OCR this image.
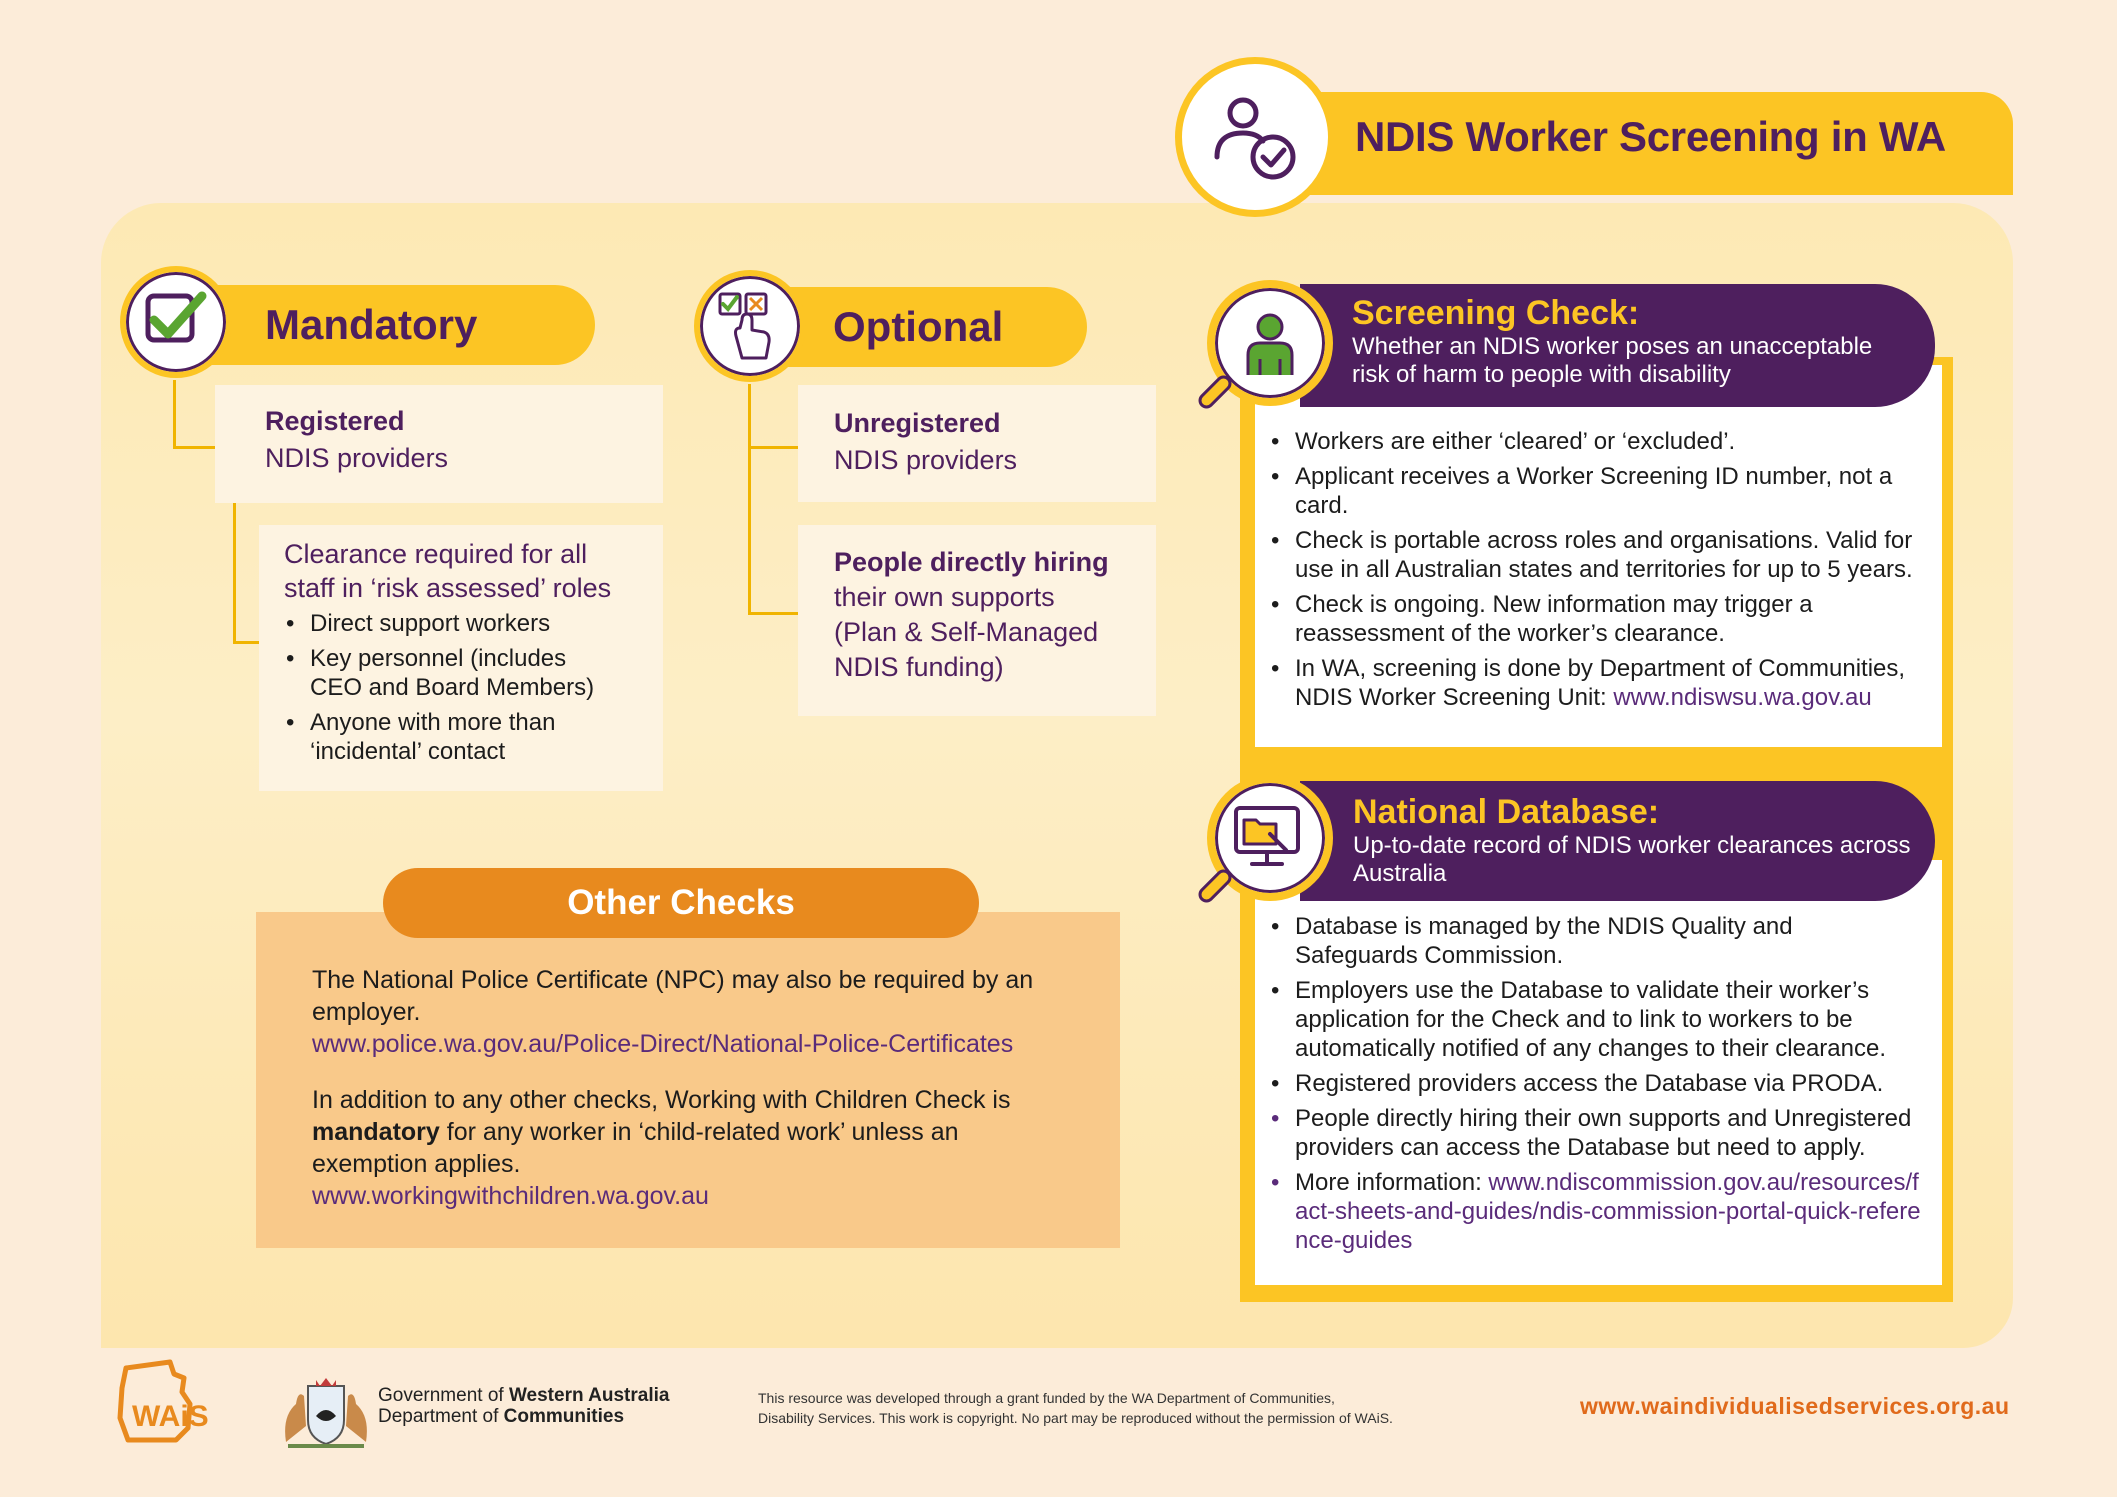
NDIS Worker Screening in WA
Mandatory
Registered
NDIS providers
Clearance required for all
staff in ‘risk assessed’ roles
• Direct support workers
• Key personnel (includes CEO and Board Members)
• Anyone with more than ‘incidental’ contact
Optional
Unregistered
NDIS providers
People directly hiring
their own supports
(Plan & Self-Managed
NDIS funding)
The National Police Certificate (NPC) may also be required by an employer.
www.police.wa.gov.au/Police-Direct/National-Police-Certificates
In addition to any other checks, Working with Children Check is mandatory for any worker in ‘child-related work’ unless an exemption applies.
www.workingwithchildren.wa.gov.au
Other Checks
• Workers are either ‘cleared’ or ‘excluded’.
• Applicant receives a Worker Screening ID number, not a card.
• Check is portable across roles and organisations. Valid for use in all Australian states and territories for up to 5 years.
• Check is ongoing. New information may trigger a reassessment of the worker’s clearance.
• In WA, screening is done by Department of Communities, NDIS Worker Screening Unit: www.ndiswsu.wa.gov.au
• Database is managed by the NDIS Quality and Safeguards Commission.
• Employers use the Database to validate their worker’s application for the Check and to link to workers to be automatically notified of any changes to their clearance.
• Registered providers access the Database via PRODA.
• People directly hiring their own supports and Unregistered providers can access the Database but need to apply.
• More information: www.ndiscommission.gov.au/resources/fact-sheets-and-guides/ndis-commission-portal-quick-reference-guides
Screening Check:
Whether an NDIS worker poses an unacceptable risk of harm to people with disability
National Database:
Up-to-date record of NDIS worker clearances across Australia
WAiS
Government of Western Australia
Department of Communities
This resource was developed through a grant funded by the WA Department of Communities,
Disability Services. This work is copyright. No part may be reproduced without the permission of WAiS.	www.waindividualisedservices.org.au
